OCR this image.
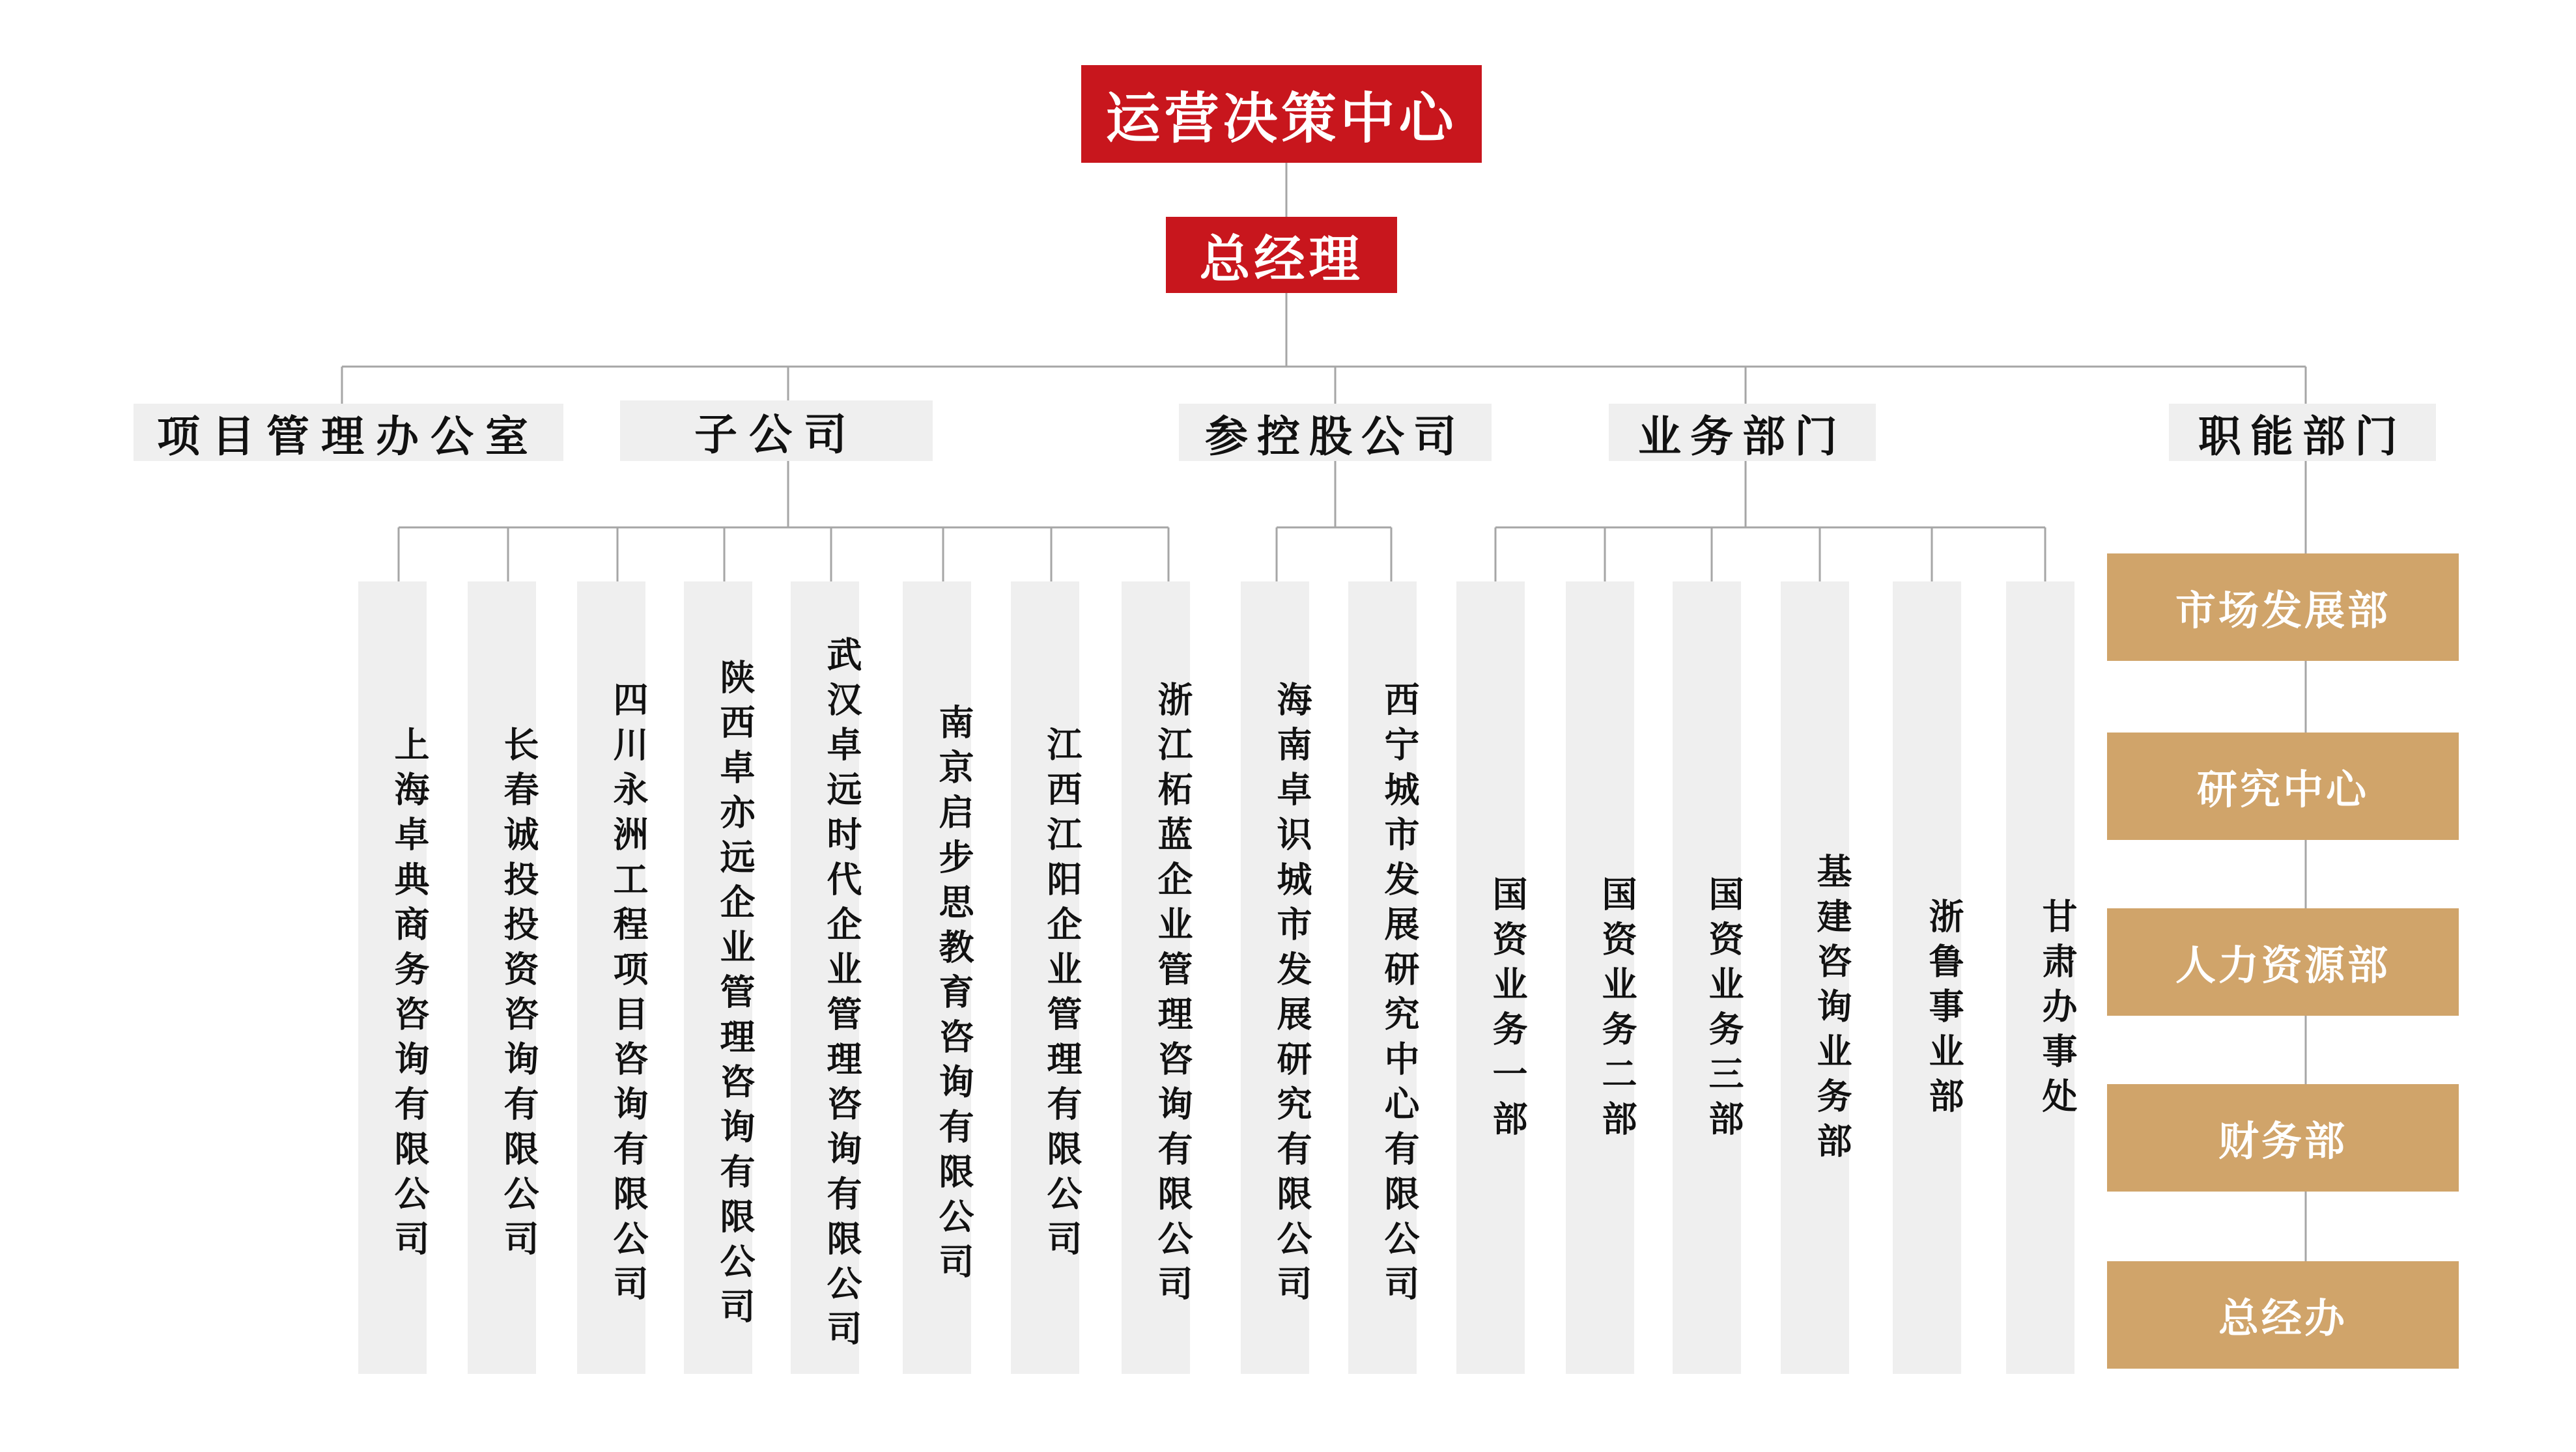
运营决策中心
总经理
项目管理办公室	子公司	参控股公司	业务部门	职能部门
上海卓典商务咨询有限公司	长春诚投投资咨询有限公司	四川永洲工程项目咨询有限公司	陕西卓亦远企业管理咨询有限公司	武汉卓远时代企业管理咨询有限公司	南京启步思教育咨询有限公司	江西江阳企业管理有限公司	浙江柘蓝企业管理咨询有限公司	海南卓识城市发展研究有限公司	西宁城市发展研究中心有限公司	国资业务一部	国资业务二部	国资业务三部	基建咨询业务部	浙鲁事业部	甘肃办事处
市场发展部
研究中心
人力资源部
财务部
总经办
